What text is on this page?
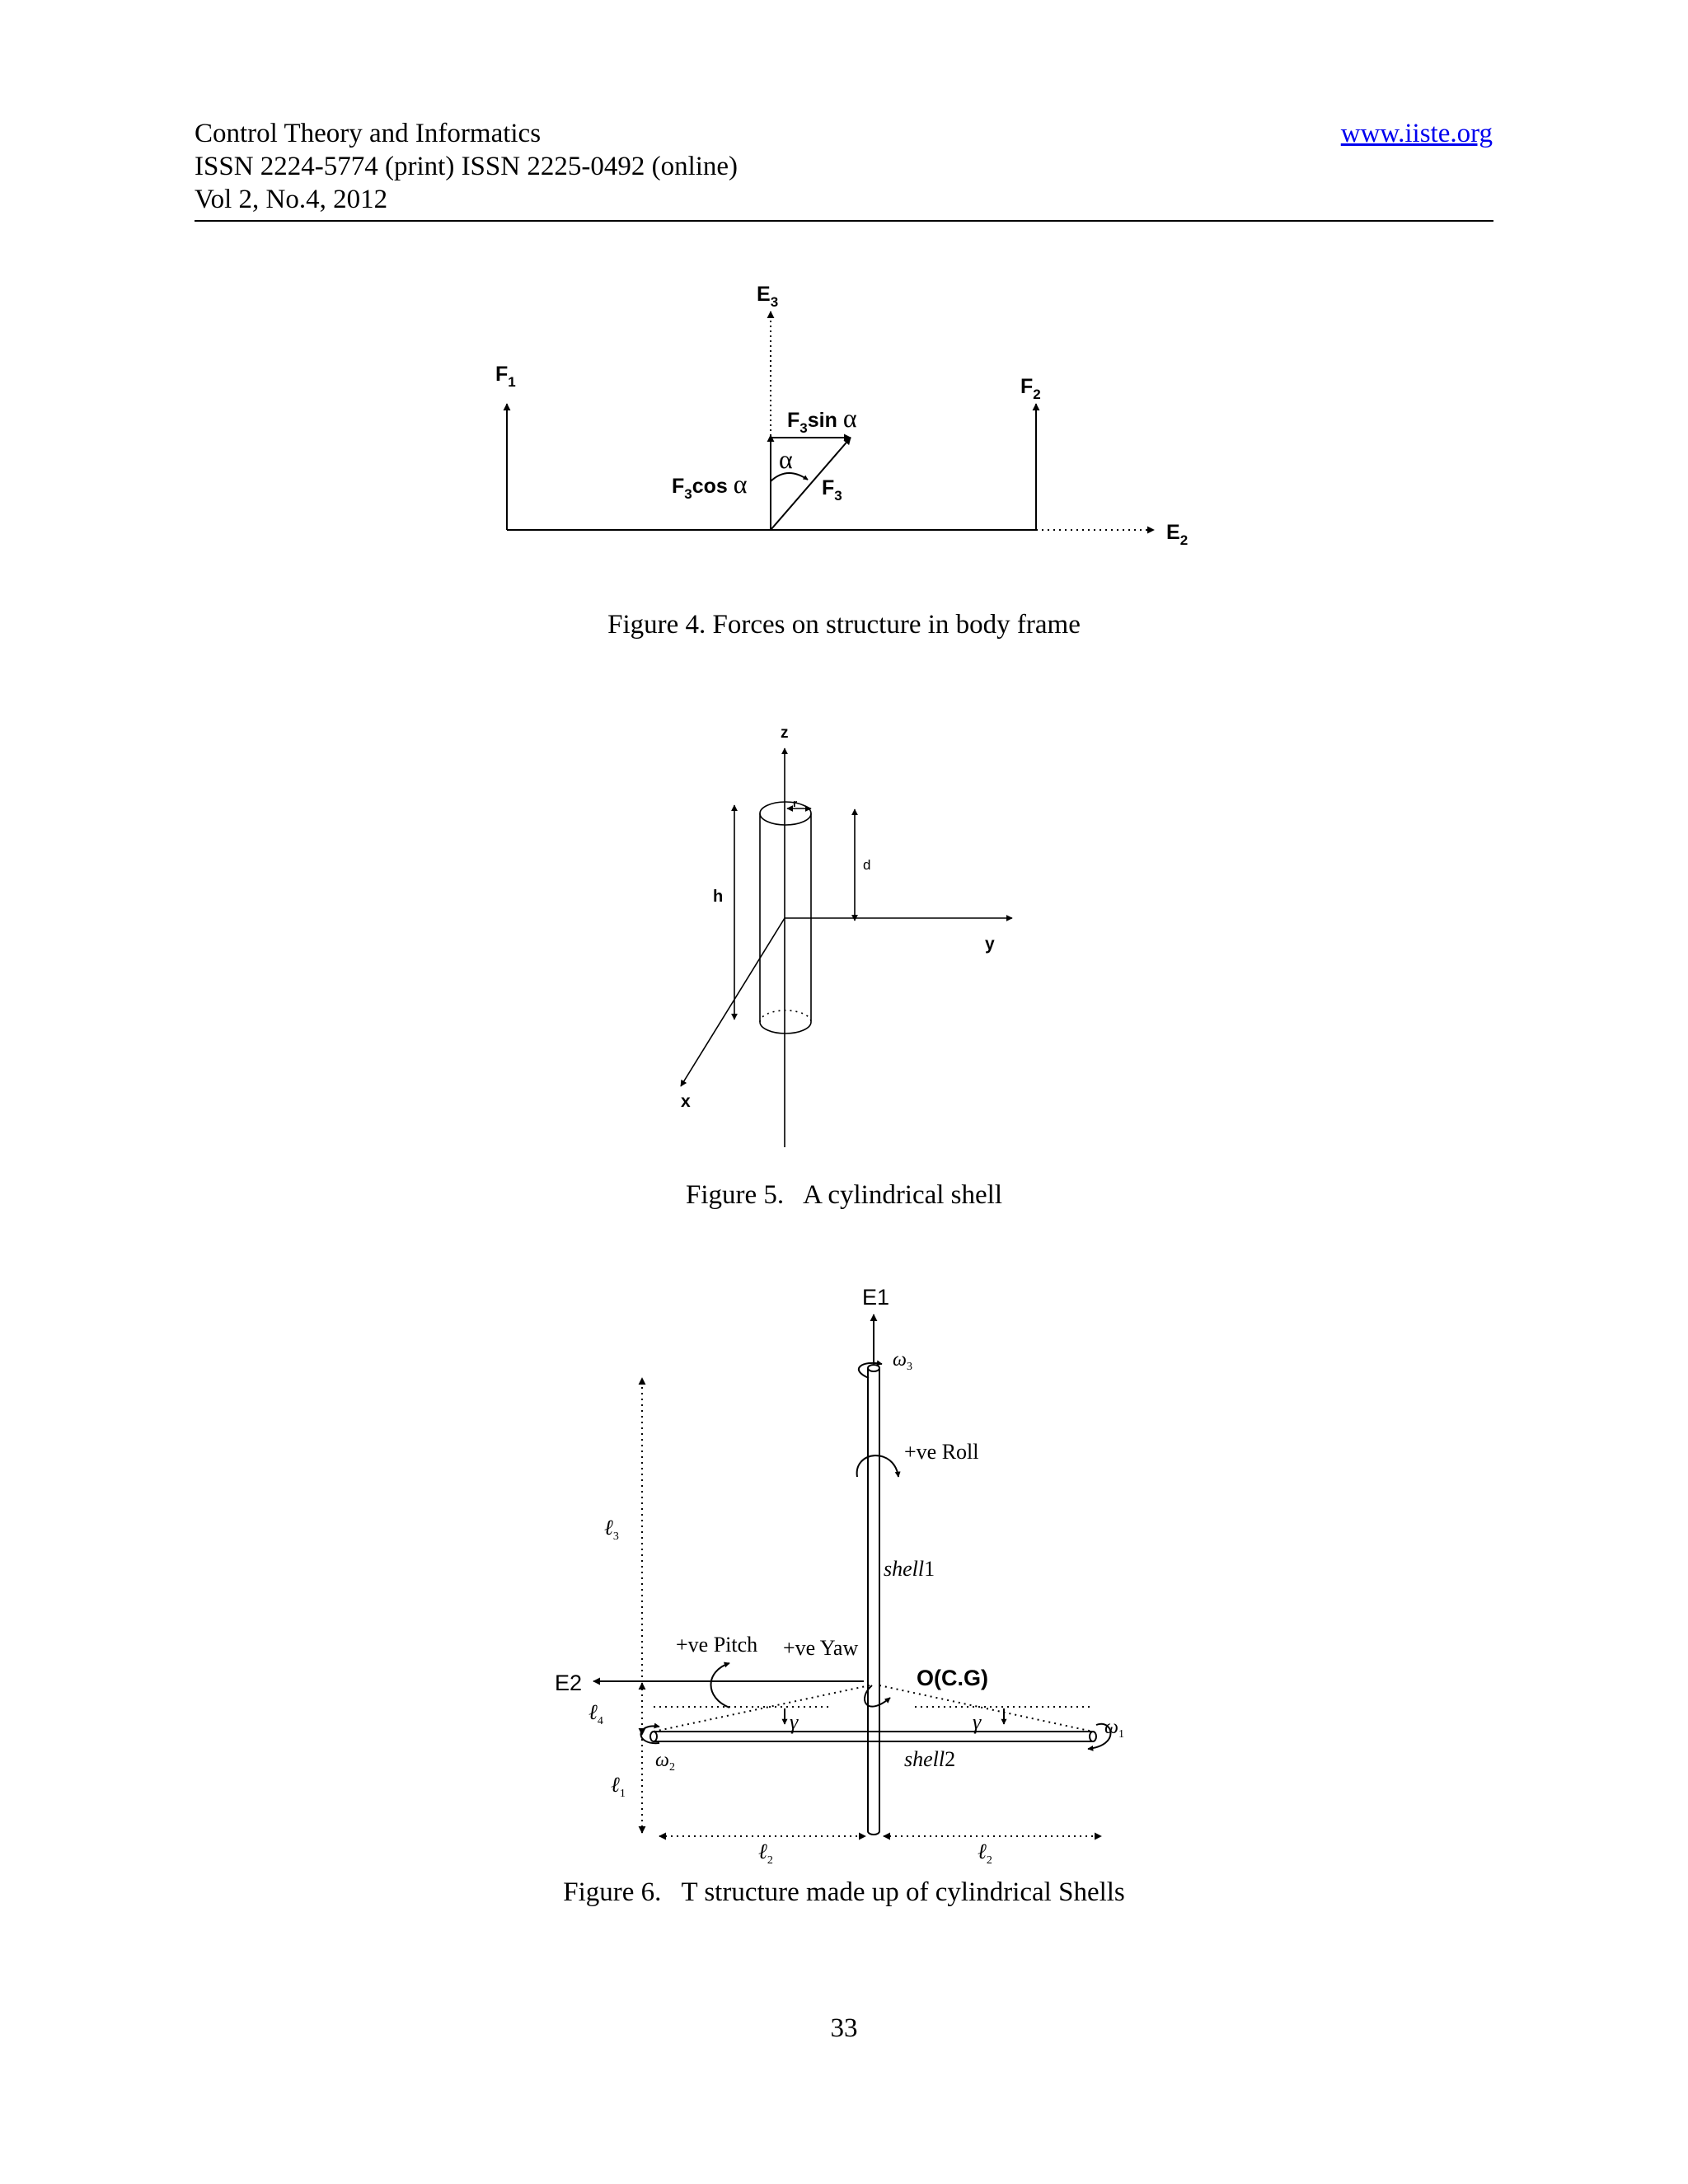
Control Theory and Informatics
ISSN 2224-5774 (print) ISSN 2225-0492 (online)
Vol 2, No.4, 2012
www.iiste.org
$E_3$
$F_1$	$F_2$
$F_3\sin$ α
$F_3\cos$ α	$F_3$
$E_2$
α
Figure 4. Forces on structure in body frame
z
y
x
h
r
d
Figure 5.   A cylindrical shell
E1
E2	O(C.G)
$\omega_3$
+ve Roll
shell1
+ve Pitch +ve Yaw
$\omega_1$
$\omega_2$	shell2
γ	γ
ℓ$_3$
ℓ$_4$
ℓ$_1$
ℓ$_2$	ℓ$_2$
Figure 6.   T structure made up of cylindrical Shells
33
